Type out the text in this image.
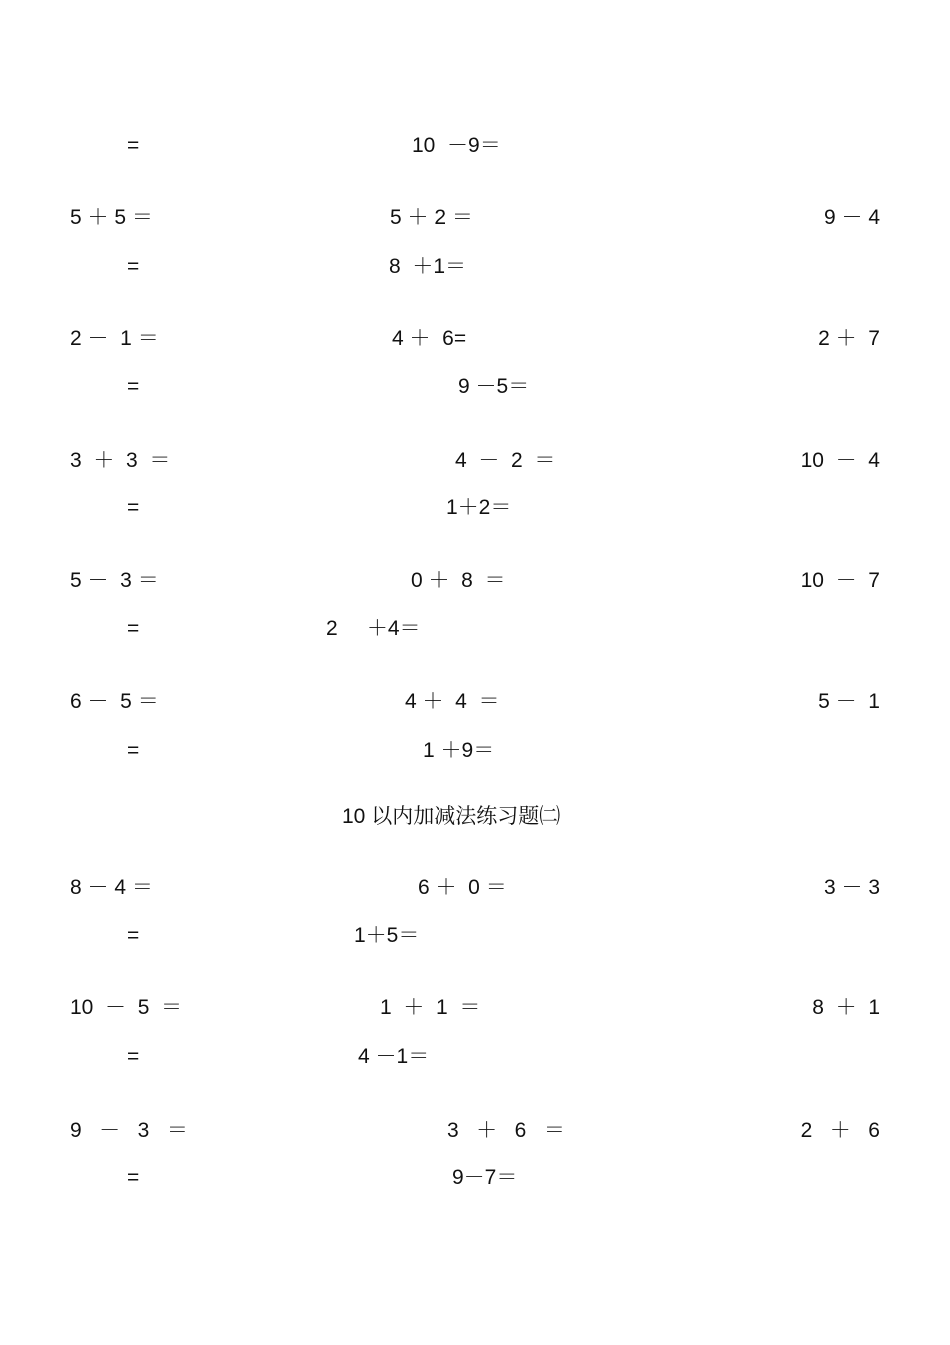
=	10  －9＝
5 ＋ 5 ＝	5 ＋ 2 ＝	9 － 4
=	8  ＋1＝
2 －  1 ＝	4 ＋  6=	2 ＋  7
=	9 －5＝
3  ＋  3  ＝	4  －  2  ＝	10  －  4
=	1＋2＝
5 －  3 ＝	0 ＋  8  ＝	10  －  7
=	2     ＋4＝
6 －  5 ＝	4 ＋  4  ＝	5 －  1
=	1 ＋9＝
10 以内加减法练习题㈡
8 － 4 ＝	6 ＋  0 ＝	3 － 3
=	1＋5＝
10  －  5  ＝	1  ＋  1  ＝	8  ＋  1
=	4 －1＝
9   －   3   ＝	3   ＋   6   ＝	2   ＋   6
=	9－7＝
